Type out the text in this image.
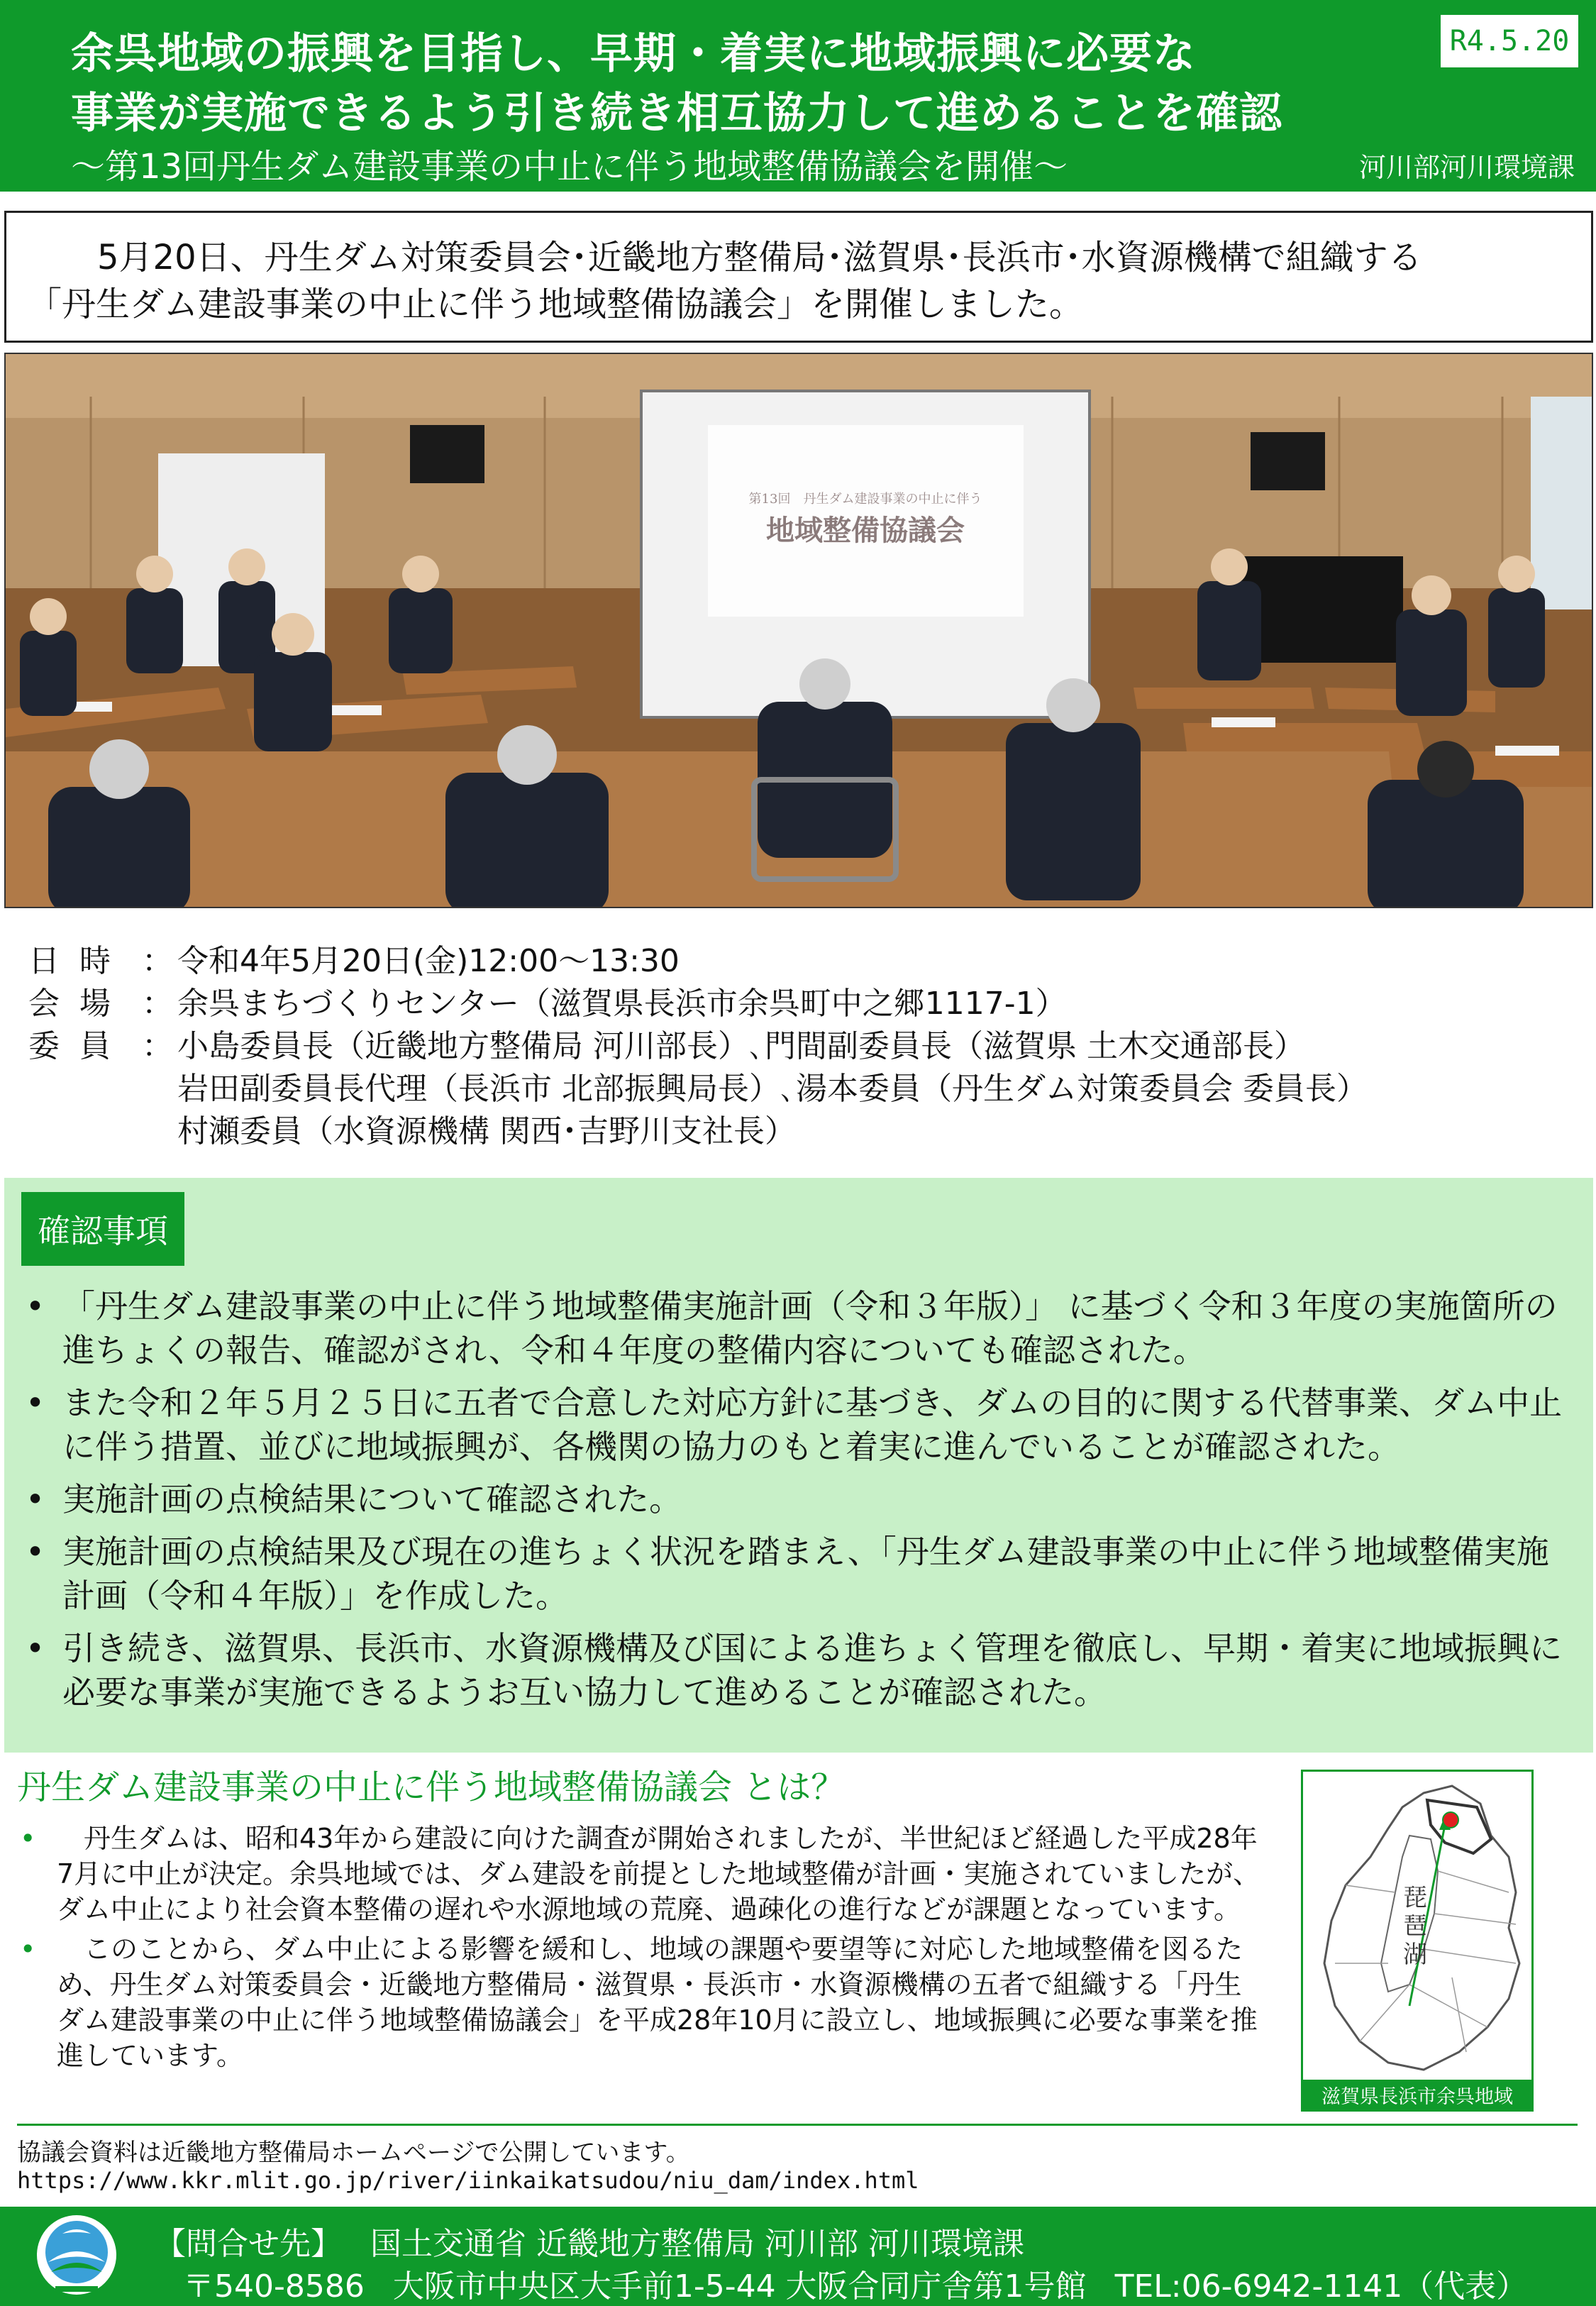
余呉地域の振興を目指し、早期・着実に地域振興に必要な
事業が実施できるよう引き続き相互協力して進めることを確認
～第13回丹生ダム建設事業の中止に伴う地域整備協議会を開催～	河川部河川環境課
R4.5.20

5月20日、丹生ダム対策委員会･近畿地方整備局･滋賀県･長浜市･水資源機構で組織する

「丹生ダム建設事業の中止に伴う地域整備協議会」を開催しました。

第13回　丹生ダム建設事業の中止に伴う
地域整備協議会
日時 ： 令和4年5月20日(金)12:00～13:30
会場 ： 余呉まちづくりセンター（滋賀県長浜市余呉町中之郷1117-1）
委員 ： 小島委員長（近畿地方整備局 河川部長）､門間副委員長（滋賀県 土木交通部長）
岩田副委員長代理（長浜市 北部振興局長）､湯本委員（丹生ダム対策委員会 委員長）
村瀬委員（水資源機構 関西･吉野川支社長）
確認事項
• 「丹生ダム建設事業の中止に伴う地域整備実施計画（令和３年版）」 に基づく令和３年度の実施箇所の進ちょくの報告、確認がされ、令和４年度の整備内容についても確認された。
• また令和２年５月２５日に五者で合意した対応方針に基づき、ダムの目的に関する代替事業、ダム中止に伴う措置、並びに地域振興が、各機関の協力のもと着実に進んでいることが確認された。
• 実施計画の点検結果について確認された。
• 実施計画の点検結果及び現在の進ちょく状況を踏まえ、「丹生ダム建設事業の中止に伴う地域整備実施計画（令和４年版）」を作成した。
• 引き続き、滋賀県、長浜市、水資源機構及び国による進ちょく管理を徹底し、早期・着実に地域振興に必要な事業が実施できるようお互い協力して進めることが確認された。
丹生ダム建設事業の中止に伴う地域整備協議会 とは？
• 　丹生ダムは、昭和43年から建設に向けた調査が開始されましたが、半世紀ほど経過した平成28年7月に中止が決定。余呉地域では、ダム建設を前提とした地域整備が計画・実施されていましたが、ダム中止により社会資本整備の遅れや水源地域の荒廃、過疎化の進行などが課題となっています。
• 　このことから、ダム中止による影響を緩和し、地域の課題や要望等に対応した地域整備を図るため、丹生ダム対策委員会・近畿地方整備局・滋賀県・長浜市・水資源機構の五者で組織する「丹生ダム建設事業の中止に伴う地域整備協議会」を平成28年10月に設立し、地域振興に必要な事業を推進しています。
琵琶湖
滋賀県長浜市余呉地域
協議会資料は近畿地方整備局ホームページで公開しています。
https://www.kkr.mlit.go.jp/river/iinkaikatsudou/niu_dam/index.html
【問合せ先】 国土交通省 近畿地方整備局 河川部 河川環境課
〒540-8586 大阪市中央区大手前1-5-44 大阪合同庁舎第1号館 TEL:06-6942-1141（代表）
